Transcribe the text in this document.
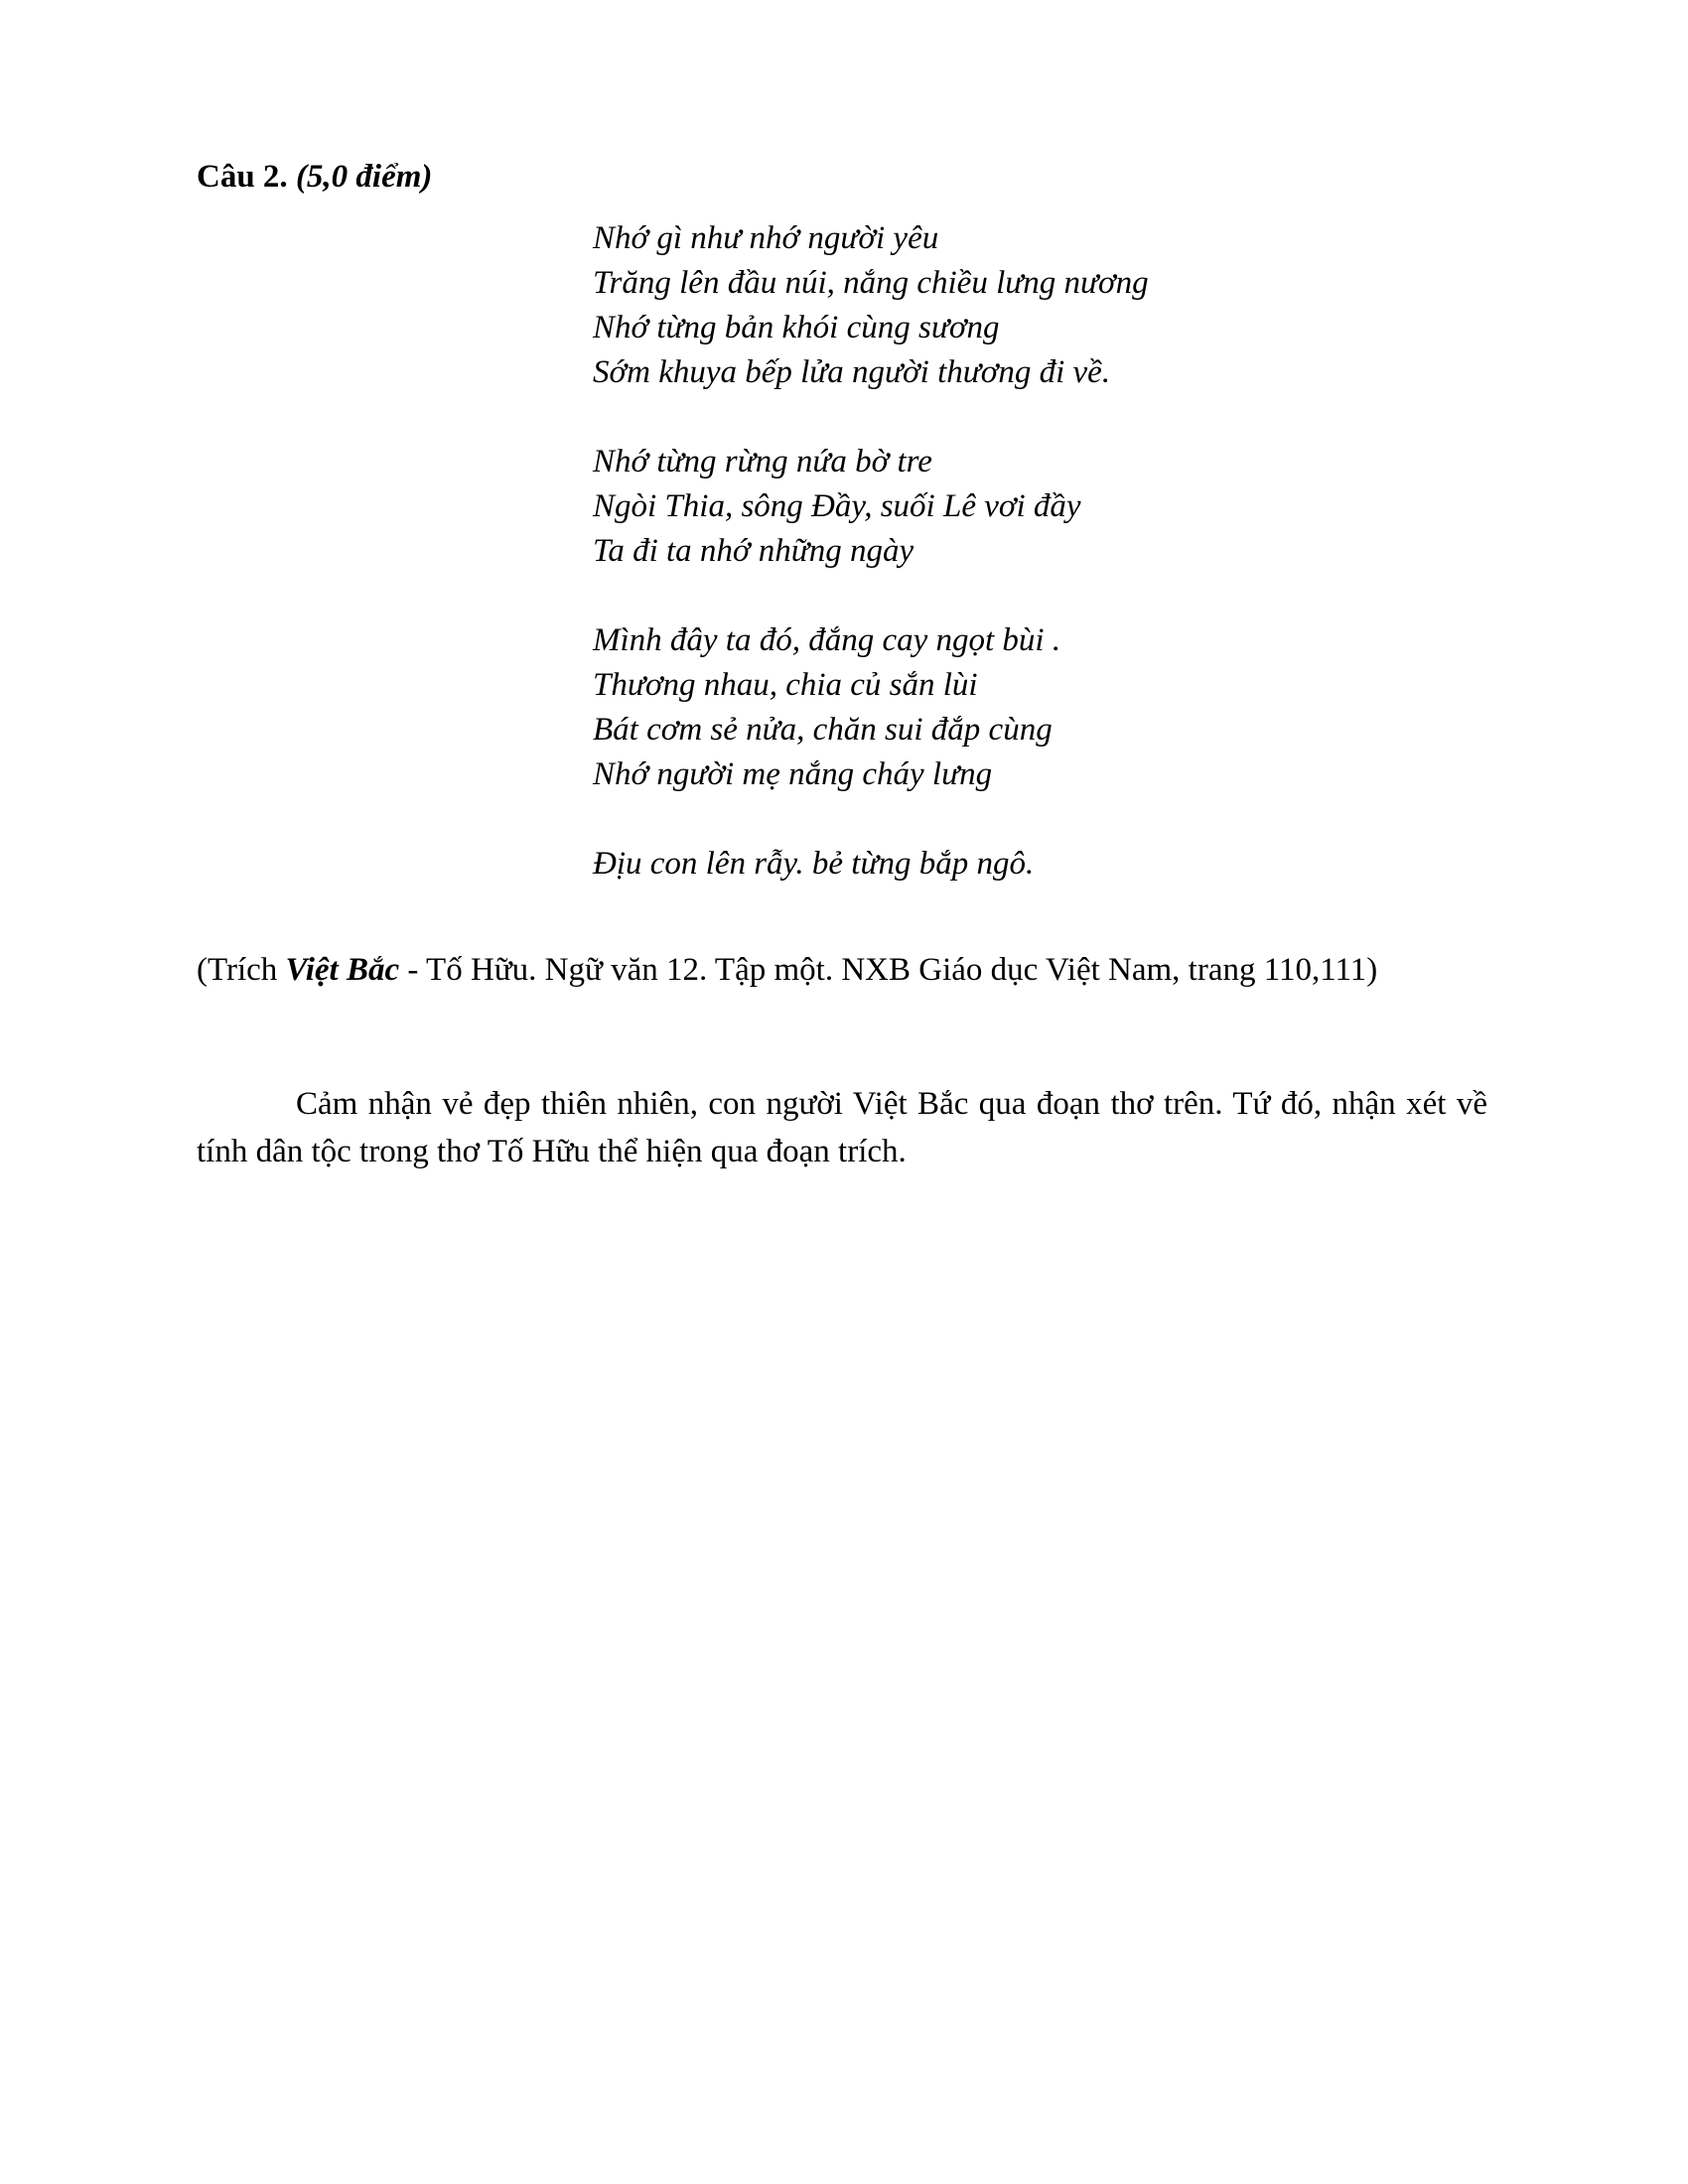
Câu 2. (5,0 điểm)
Nhớ gì như nhớ người yêu
Trăng lên đầu núi, nắng chiều lưng nương
Nhớ từng bản khói cùng sương
Sớm khuya bếp lửa người thương đi về.
Nhớ từng rừng nứa bờ tre
Ngòi Thia, sông Đầy, suối Lê vơi đầy
Ta đi ta nhớ những ngày
Mình đây ta đó, đắng cay ngọt bùi .
Thương nhau, chia củ sắn lùi
Bát cơm sẻ nửa, chăn sui đắp cùng
Nhớ người mẹ nắng cháy lưng
Địu con lên rẫy. bẻ từng bắp ngô.
(Trích Việt Bắc - Tố Hữu. Ngữ văn 12. Tập một. NXB Giáo dục Việt Nam, trang 110,111)
Cảm nhận vẻ đẹp thiên nhiên, con người Việt Bắc qua đoạn thơ trên. Tứ đó, nhận xét về tính dân tộc trong thơ Tố Hữu thể hiện qua đoạn trích.
